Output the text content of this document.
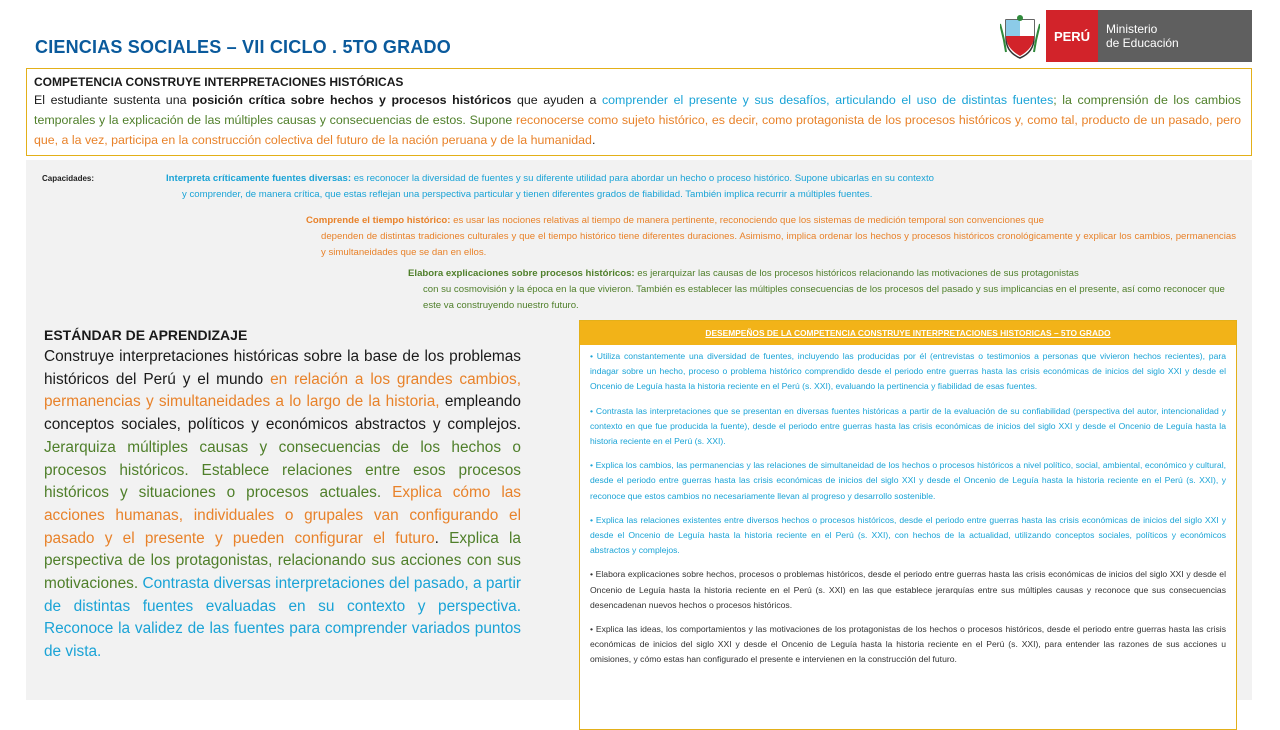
CIENCIAS SOCIALES – VII CICLO . 5TO GRADO
PERÚ	Ministerio
de Educación
COMPETENCIA CONSTRUYE INTERPRETACIONES HISTÓRICAS
El estudiante sustenta una posición crítica sobre hechos y procesos históricos que ayuden a comprender el presente y sus desafíos, articulando el uso de distintas fuentes; la comprensión de los cambios temporales y la explicación de las múltiples causas y consecuencias de estos. Supone reconocerse como sujeto histórico, es decir, como protagonista de los procesos históricos y, como tal, producto de un pasado, pero que, a la vez, participa en la construcción colectiva del futuro de la nación peruana y de la humanidad.
Capacidades:	Interpreta críticamente fuentes diversas: es reconocer la diversidad de fuentes y su diferente utilidad para abordar un hecho o proceso histórico. Supone ubicarlas en su contexto
y comprender, de manera crítica, que estas reflejan una perspectiva particular y tienen diferentes grados de fiabilidad. También implica recurrir a múltiples fuentes.
Comprende el tiempo histórico: es usar las nociones relativas al tiempo de manera pertinente, reconociendo que los sistemas de medición temporal son convenciones que
dependen de distintas tradiciones culturales y que el tiempo histórico tiene diferentes duraciones. Asimismo, implica ordenar los hechos y procesos históricos cronológicamente y explicar los cambios, permanencias y simultaneidades que se dan en ellos.
Elabora explicaciones sobre procesos históricos: es jerarquizar las causas de los procesos históricos relacionando las motivaciones de sus protagonistas
con su cosmovisión y la época en la que vivieron. También es establecer las múltiples consecuencias de los procesos del pasado y sus implicancias en el presente, así como reconocer que este va construyendo nuestro futuro.
ESTÁNDAR DE APRENDIZAJE
Construye interpretaciones históricas sobre la base de los problemas históricos del Perú y el mundo en relación a los grandes cambios, permanencias y simultaneidades a lo largo de la historia, empleando conceptos sociales, políticos y económicos abstractos y complejos. Jerarquiza múltiples causas y consecuencias de los hechos o procesos históricos. Establece relaciones entre esos procesos históricos y situaciones o procesos actuales. Explica cómo las acciones humanas, individuales o grupales van configurando el pasado y el presente y pueden configurar el futuro. Explica la perspectiva de los protagonistas, relacionando sus acciones con sus motivaciones. Contrasta diversas interpretaciones del pasado, a partir de distintas fuentes evaluadas en su contexto y perspectiva. Reconoce la validez de las fuentes para comprender variados puntos de vista.
DESEMPEÑOS DE LA COMPETENCIA CONSTRUYE INTERPRETACIONES HISTORICAS – 5TO GRADO
• Utiliza constantemente una diversidad de fuentes, incluyendo las producidas por él (entrevistas o testimonios a personas que vivieron hechos recientes), para indagar sobre un hecho, proceso o problema histórico comprendido desde el periodo entre guerras hasta las crisis económicas de inicios del siglo XXI y desde el Oncenio de Leguía hasta la historia reciente en el Perú (s. XXI), evaluando la pertinencia y fiabilidad de esas fuentes.
• Contrasta las interpretaciones que se presentan en diversas fuentes históricas a partir de la evaluación de su confiabilidad (perspectiva del autor, intencionalidad y contexto en que fue producida la fuente), desde el periodo entre guerras hasta las crisis económicas de inicios del siglo XXI y desde el Oncenio de Leguía hasta la historia reciente en el Perú (s. XXI).
• Explica los cambios, las permanencias y las relaciones de simultaneidad de los hechos o procesos históricos a nivel político, social, ambiental, económico y cultural, desde el periodo entre guerras hasta las crisis económicas de inicios del siglo XXI y desde el Oncenio de Leguía hasta la historia reciente en el Perú (s. XXI), y reconoce que estos cambios no necesariamente llevan al progreso y desarrollo sostenible.
• Explica las relaciones existentes entre diversos hechos o procesos históricos, desde el periodo entre guerras hasta las crisis económicas de inicios del siglo XXI y desde el Oncenio de Leguía hasta la historia reciente en el Perú (s. XXI), con hechos de la actualidad, utilizando conceptos sociales, políticos y económicos abstractos y complejos.
• Elabora explicaciones sobre hechos, procesos o problemas históricos, desde el periodo entre guerras hasta las crisis económicas de inicios del siglo XXI y desde el Oncenio de Leguía hasta la historia reciente en el Perú (s. XXI) en las que establece jerarquías entre sus múltiples causas y reconoce que sus consecuencias desencadenan nuevos hechos o procesos históricos.
• Explica las ideas, los comportamientos y las motivaciones de los protagonistas de los hechos o procesos históricos, desde el periodo entre guerras hasta las crisis económicas de inicios del siglo XXI y desde el Oncenio de Leguía hasta la historia reciente en el Perú (s. XXI), para entender las razones de sus acciones u omisiones, y cómo estas han configurado el presente e intervienen en la construcción del futuro.
